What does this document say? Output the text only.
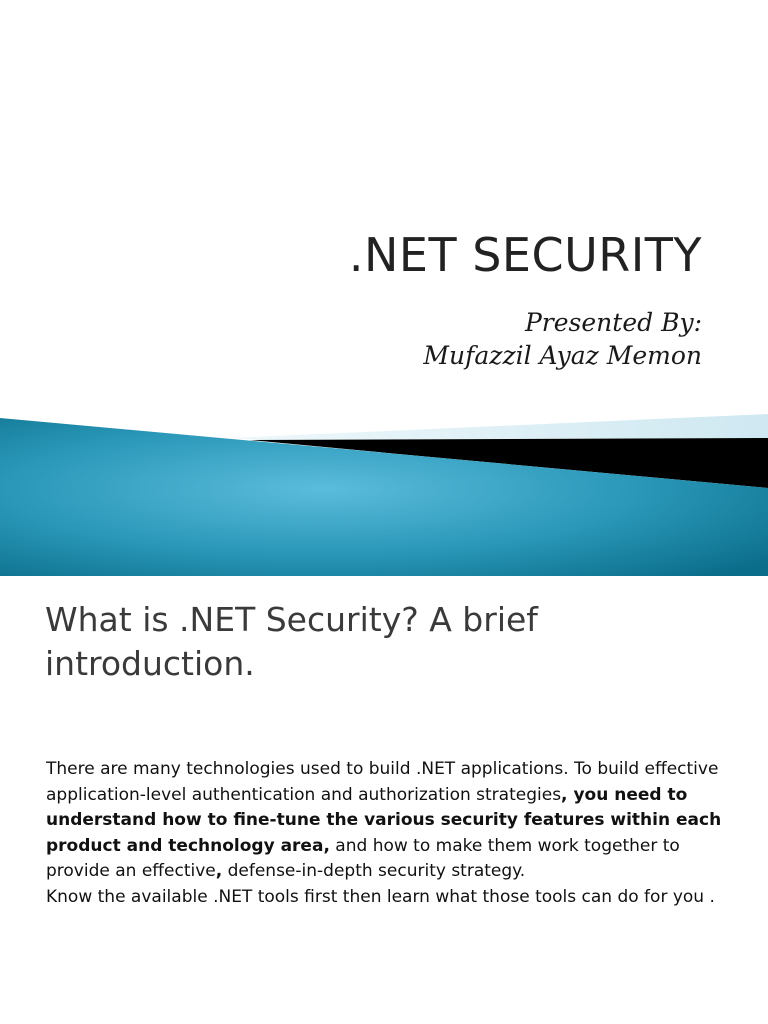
.NET SECURITY
Presented By:
Mufazzil Ayaz Memon
What is .NET Security? A brief introduction.
There are many technologies used to build .NET applications. To build effective application-level authentication and authorization strategies, you need to understand how to fine-tune the various security features within each product and technology area, and how to make them work together to provide an effective, defense-in-depth security strategy.
Know the available .NET tools first then learn what those tools can do for you .
